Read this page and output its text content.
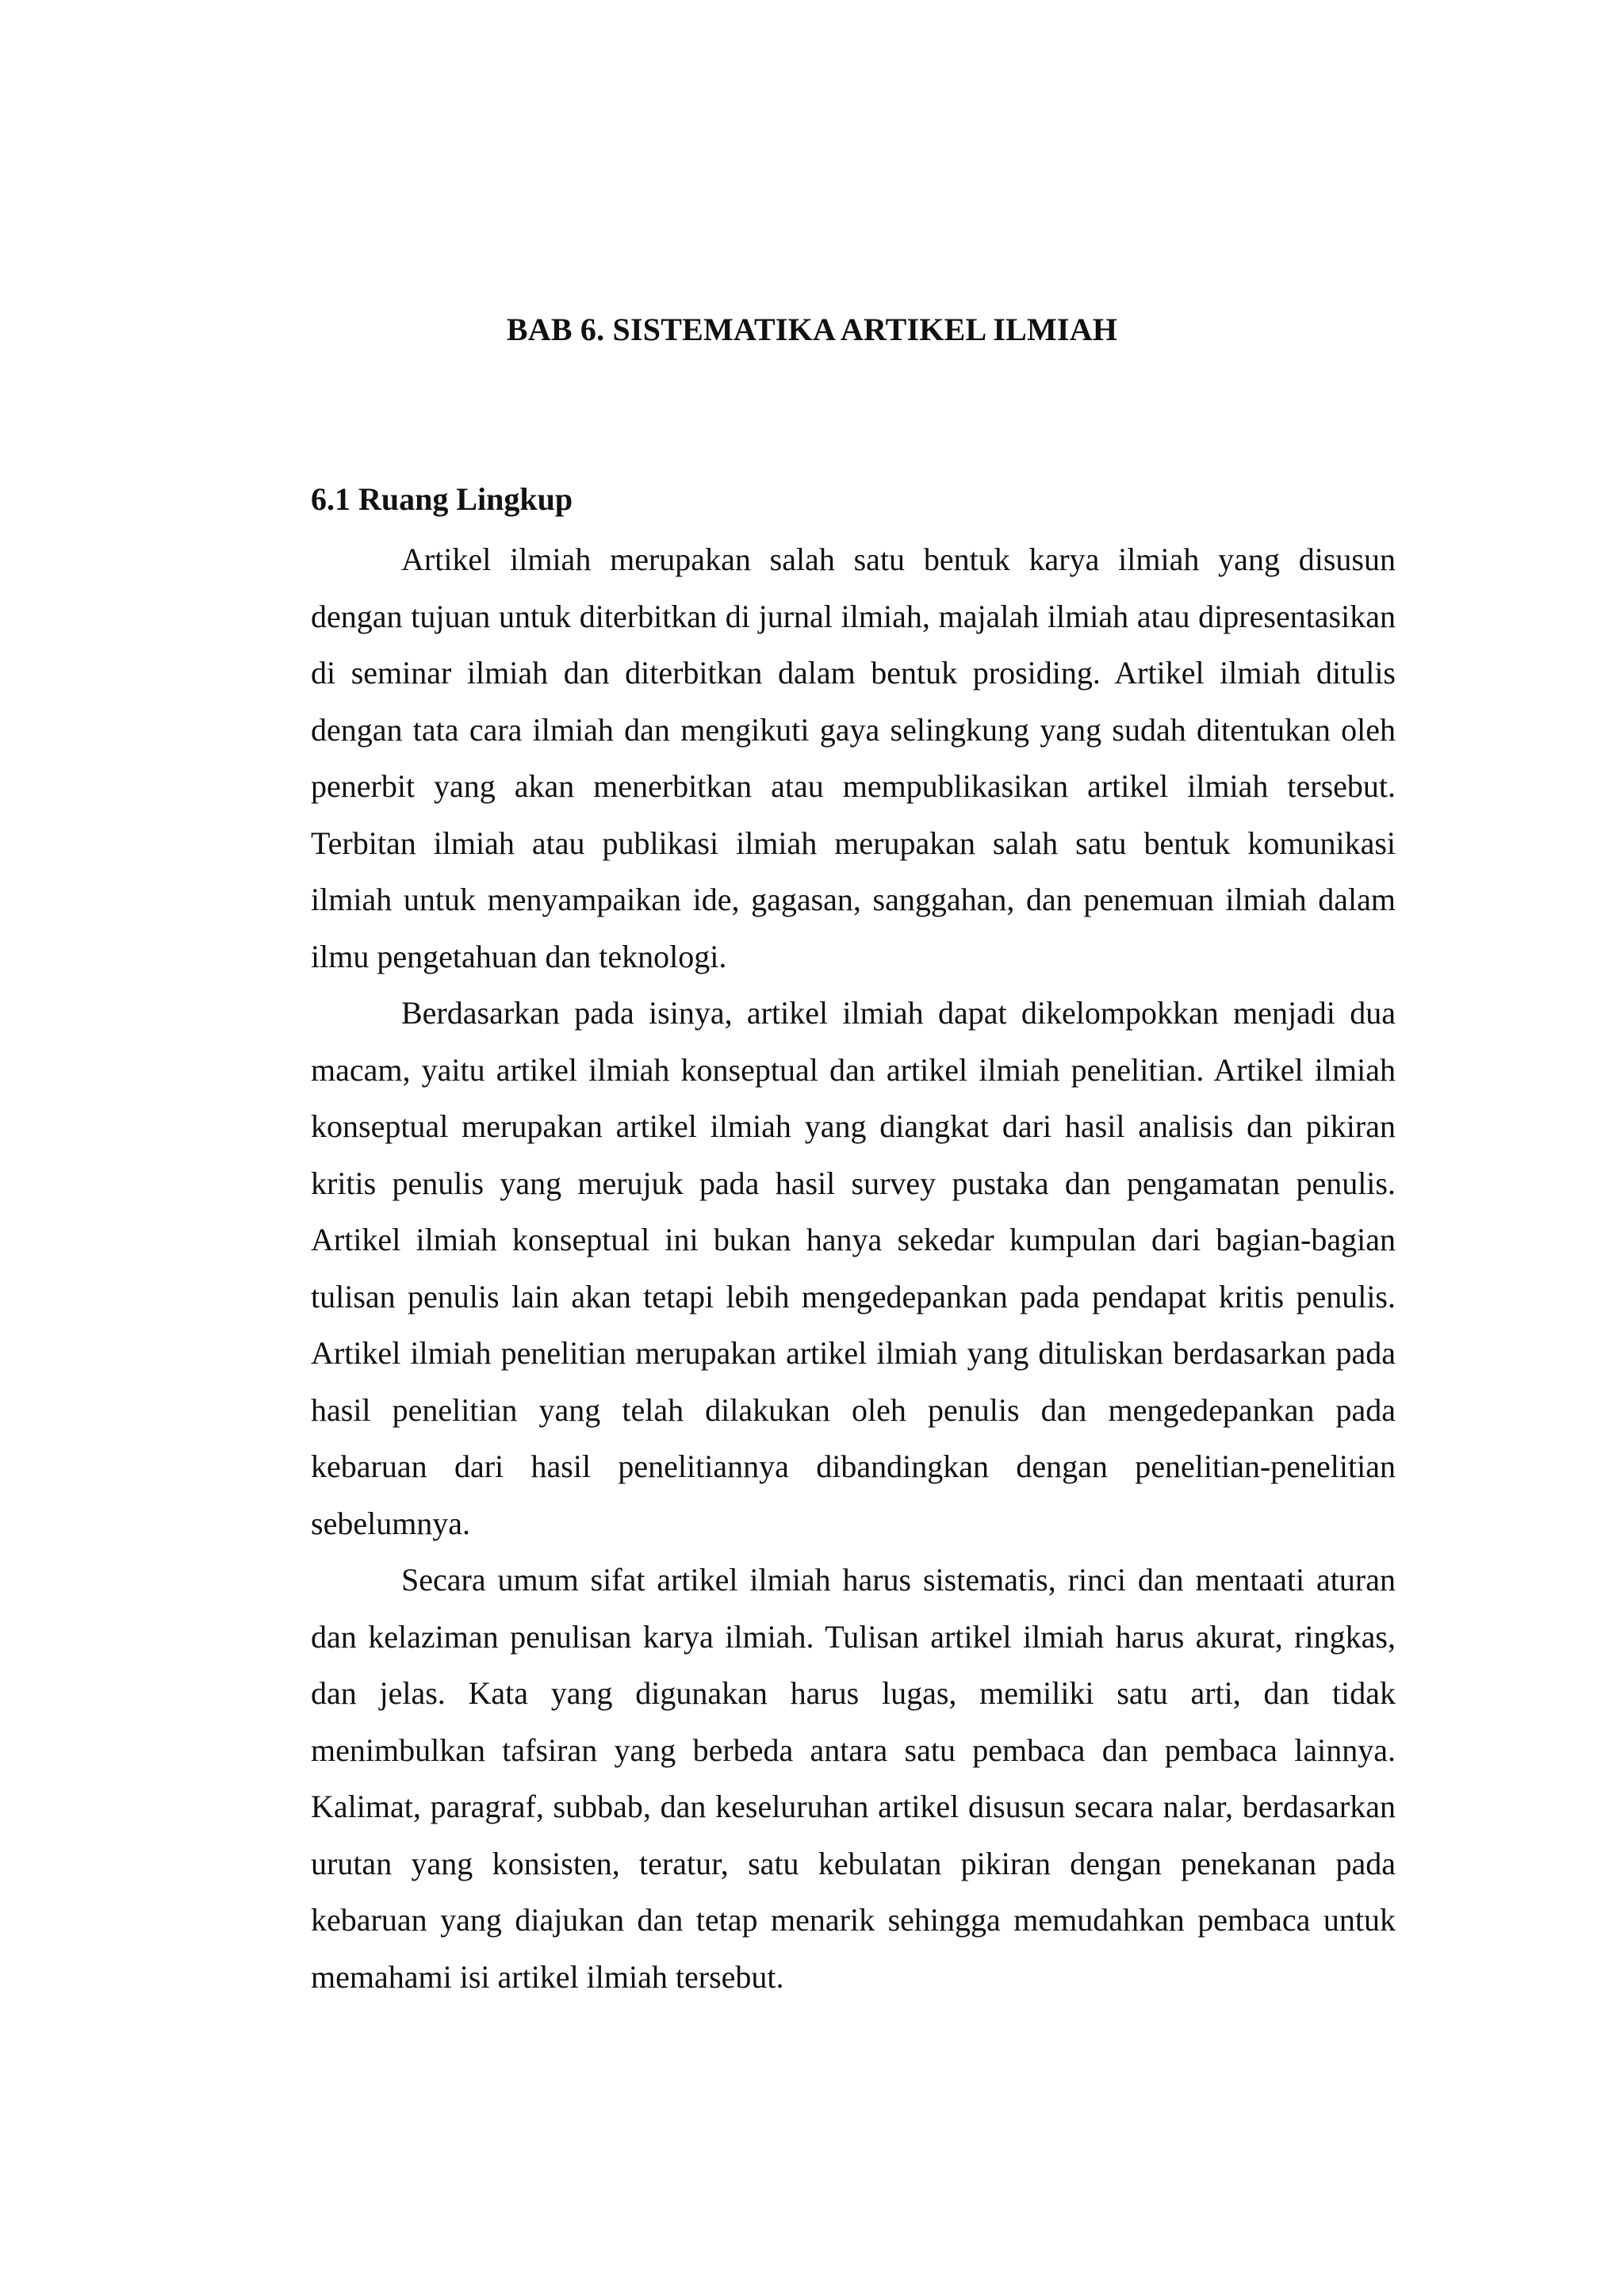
BAB 6. SISTEMATIKA ARTIKEL ILMIAH
6.1 Ruang Lingkup

Artikel ilmiah merupakan salah satu bentuk karya ilmiah yang disusun dengan tujuan untuk diterbitkan di jurnal ilmiah, majalah ilmiah atau dipresentasikan di seminar ilmiah dan diterbitkan dalam bentuk prosiding. Artikel ilmiah ditulis dengan tata cara ilmiah dan mengikuti gaya selingkung yang sudah ditentukan oleh penerbit yang akan menerbitkan atau mempublikasikan artikel ilmiah tersebut. Terbitan ilmiah atau publikasi ilmiah merupakan salah satu bentuk komunikasi ilmiah untuk menyampaikan ide, gagasan, sanggahan, dan penemuan ilmiah dalam ilmu pengetahuan dan teknologi.

Berdasarkan pada isinya, artikel ilmiah dapat dikelompokkan menjadi dua macam, yaitu artikel ilmiah konseptual dan artikel ilmiah penelitian. Artikel ilmiah konseptual merupakan artikel ilmiah yang diangkat dari hasil analisis dan pikiran kritis penulis yang merujuk pada hasil survey pustaka dan pengamatan penulis. Artikel ilmiah konseptual ini bukan hanya sekedar kumpulan dari bagian-bagian tulisan penulis lain akan tetapi lebih mengedepankan pada pendapat kritis penulis. Artikel ilmiah penelitian merupakan artikel ilmiah yang dituliskan berdasarkan pada hasil penelitian yang telah dilakukan oleh penulis dan mengedepankan pada kebaruan dari hasil penelitiannya dibandingkan dengan penelitian-penelitian sebelumnya.

Secara umum sifat artikel ilmiah harus sistematis, rinci dan mentaati aturan dan kelaziman penulisan karya ilmiah. Tulisan artikel ilmiah harus akurat, ringkas, dan jelas. Kata yang digunakan harus lugas, memiliki satu arti, dan tidak menimbulkan tafsiran yang berbeda antara satu pembaca dan pembaca lainnya. Kalimat, paragraf, subbab, dan keseluruhan artikel disusun secara nalar, berdasarkan urutan yang konsisten, teratur, satu kebulatan pikiran dengan penekanan pada kebaruan yang diajukan dan tetap menarik sehingga memudahkan pembaca untuk memahami isi artikel ilmiah tersebut.
